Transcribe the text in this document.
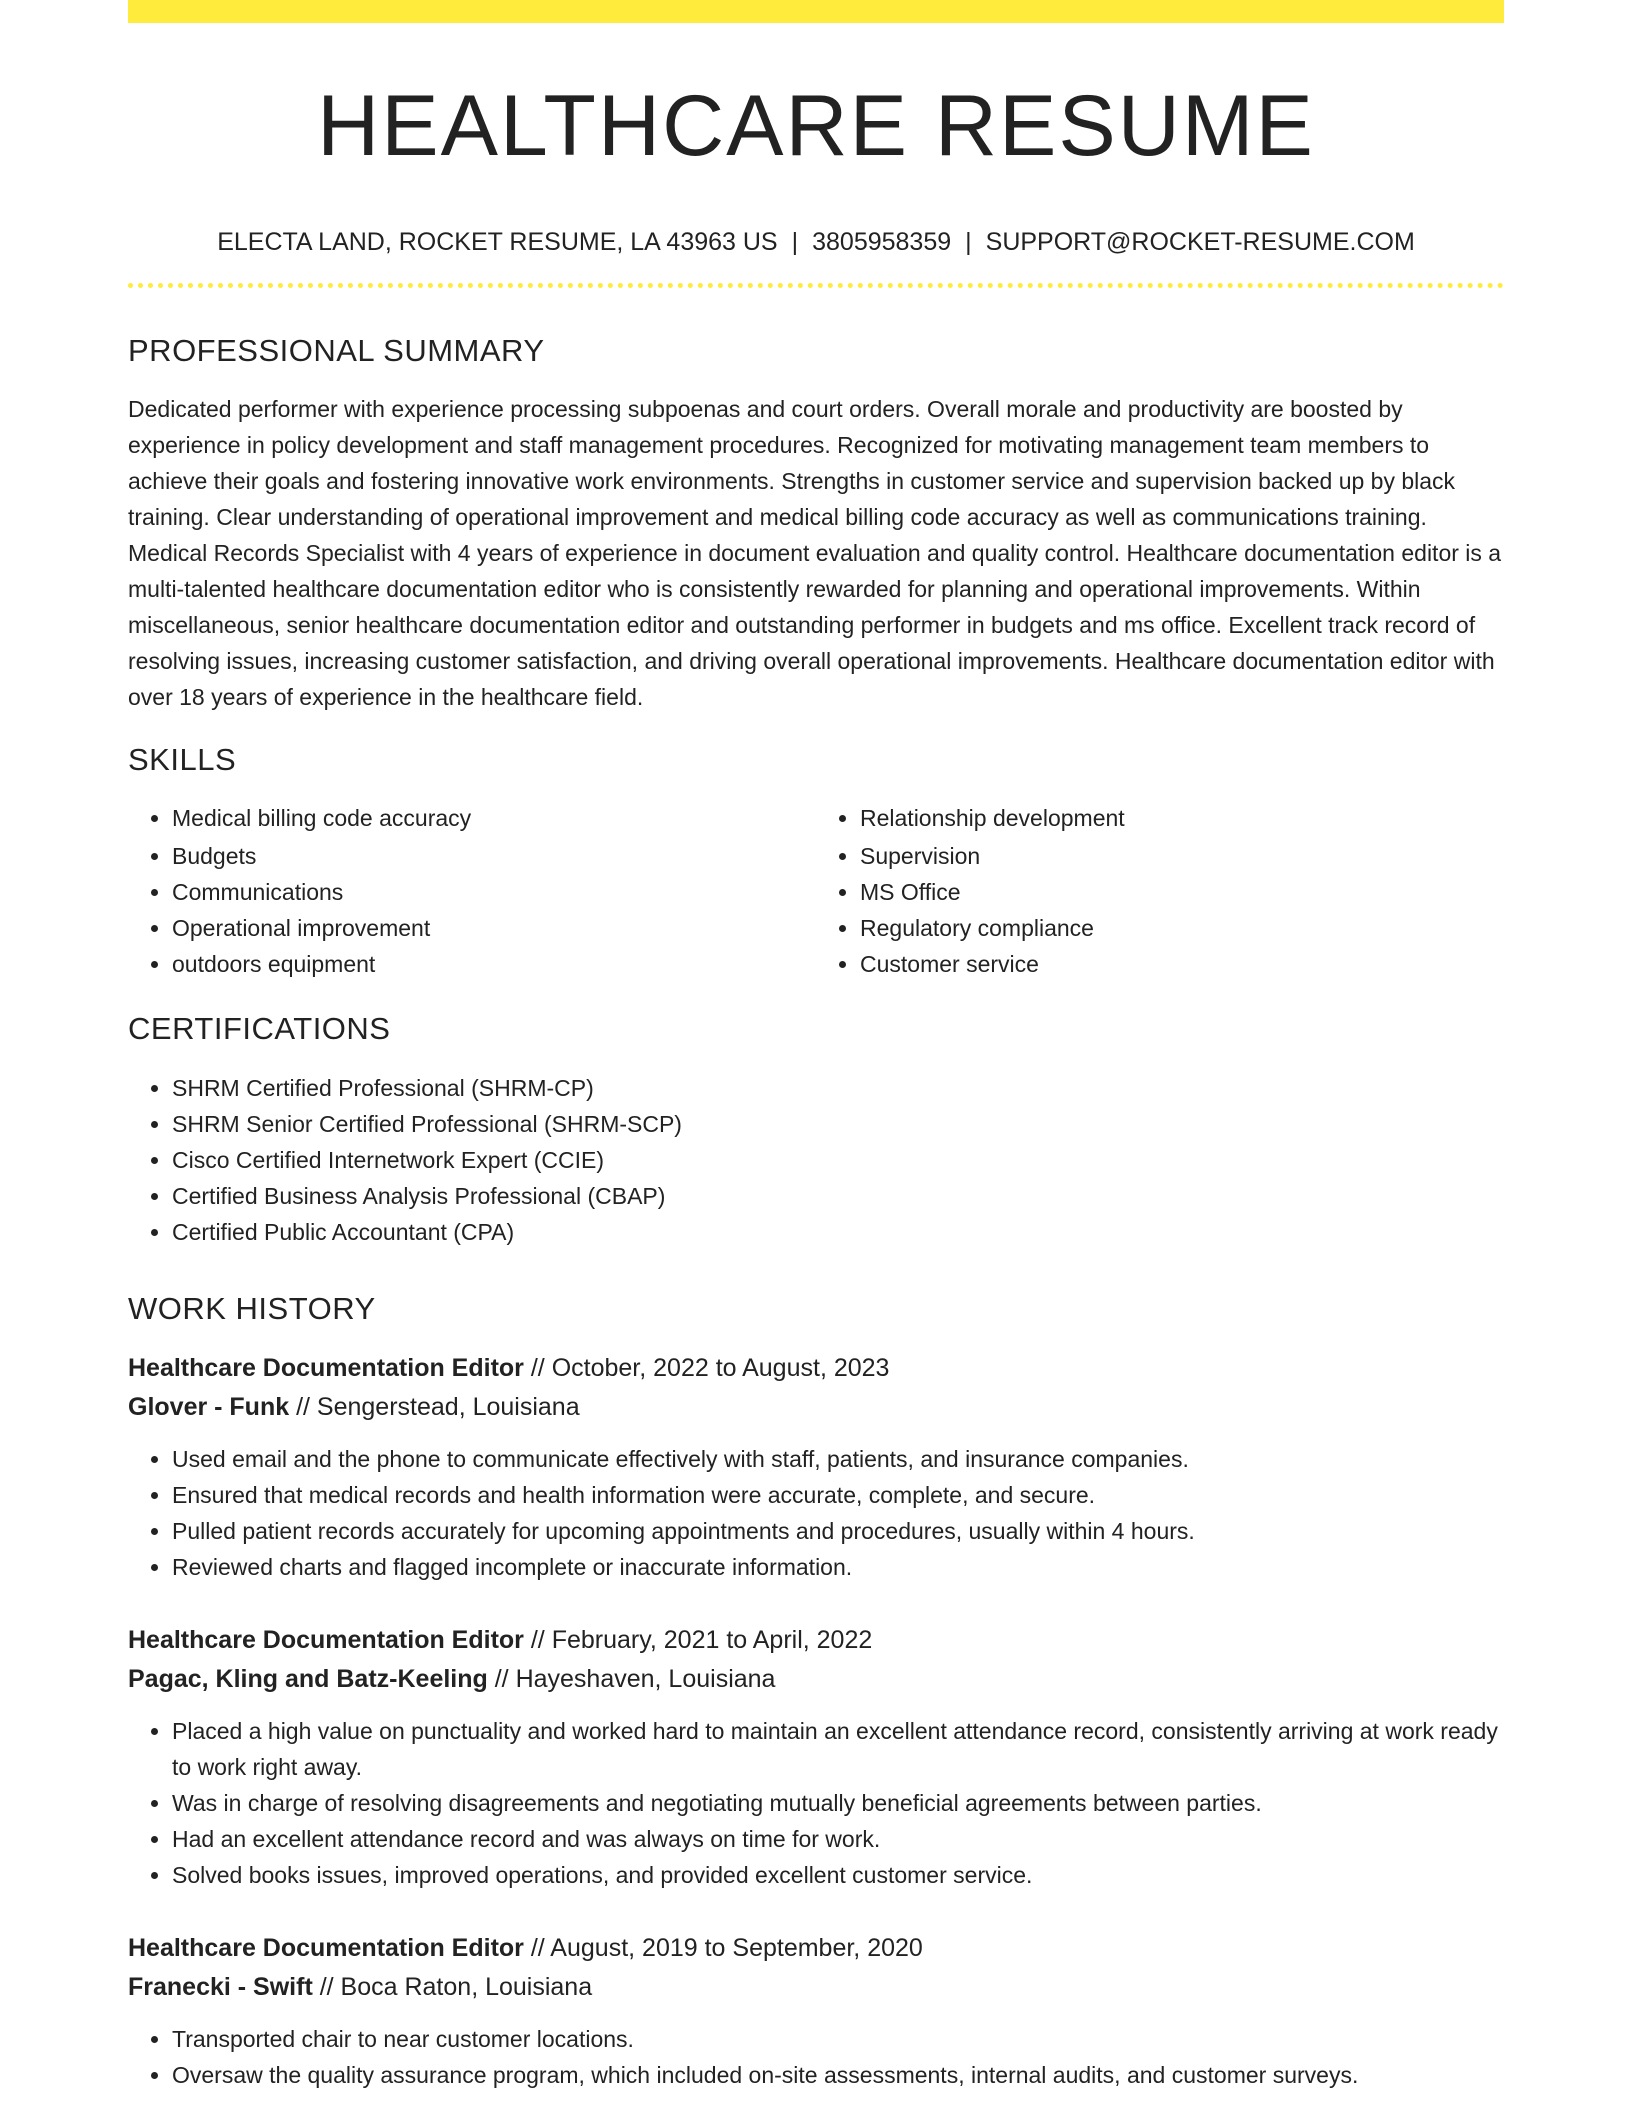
HEALTHCARE RESUME
ELECTA LAND, ROCKET RESUME, LA 43963 US | 3805958359 | SUPPORT@ROCKET-RESUME.COM
PROFESSIONAL SUMMARY

Dedicated performer with experience processing subpoenas and court orders. Overall morale and productivity are boosted by experience in policy development and staff management procedures. Recognized for motivating management team members to achieve their goals and fostering innovative work environments. Strengths in customer service and supervision backed up by black training. Clear understanding of operational improvement and medical billing code accuracy as well as communications training. Medical Records Specialist with 4 years of experience in document evaluation and quality control. Healthcare documentation editor is a multi-talented healthcare documentation editor who is consistently rewarded for planning and operational improvements. Within miscellaneous, senior healthcare documentation editor and outstanding performer in budgets and ms office. Excellent track record of resolving issues, increasing customer satisfaction, and driving overall operational improvements. Healthcare documentation editor with over 18 years of experience in the healthcare field.

SKILLS
• Medical billing code accuracy
• Budgets
• Communications
• Operational improvement
• outdoors equipment
• Relationship development
• Supervision
• MS Office
• Regulatory compliance
• Customer service
CERTIFICATIONS
• SHRM Certified Professional (SHRM-CP)
• SHRM Senior Certified Professional (SHRM-SCP)
• Cisco Certified Internetwork Expert (CCIE)
• Certified Business Analysis Professional (CBAP)
• Certified Public Accountant (CPA)
WORK HISTORY
Healthcare Documentation Editor // October, 2022 to August, 2023
Glover - Funk // Sengerstead, Louisiana
• Used email and the phone to communicate effectively with staff, patients, and insurance companies.
• Ensured that medical records and health information were accurate, complete, and secure.
• Pulled patient records accurately for upcoming appointments and procedures, usually within 4 hours.
• Reviewed charts and flagged incomplete or inaccurate information.
Healthcare Documentation Editor // February, 2021 to April, 2022
Pagac, Kling and Batz-Keeling // Hayeshaven, Louisiana
• Placed a high value on punctuality and worked hard to maintain an excellent attendance record, consistently arriving at work ready to work right away.
• Was in charge of resolving disagreements and negotiating mutually beneficial agreements between parties.
• Had an excellent attendance record and was always on time for work.
• Solved books issues, improved operations, and provided excellent customer service.
Healthcare Documentation Editor // August, 2019 to September, 2020
Franecki - Swift // Boca Raton, Louisiana
• Transported chair to near customer locations.
• Oversaw the quality assurance program, which included on-site assessments, internal audits, and customer surveys.
